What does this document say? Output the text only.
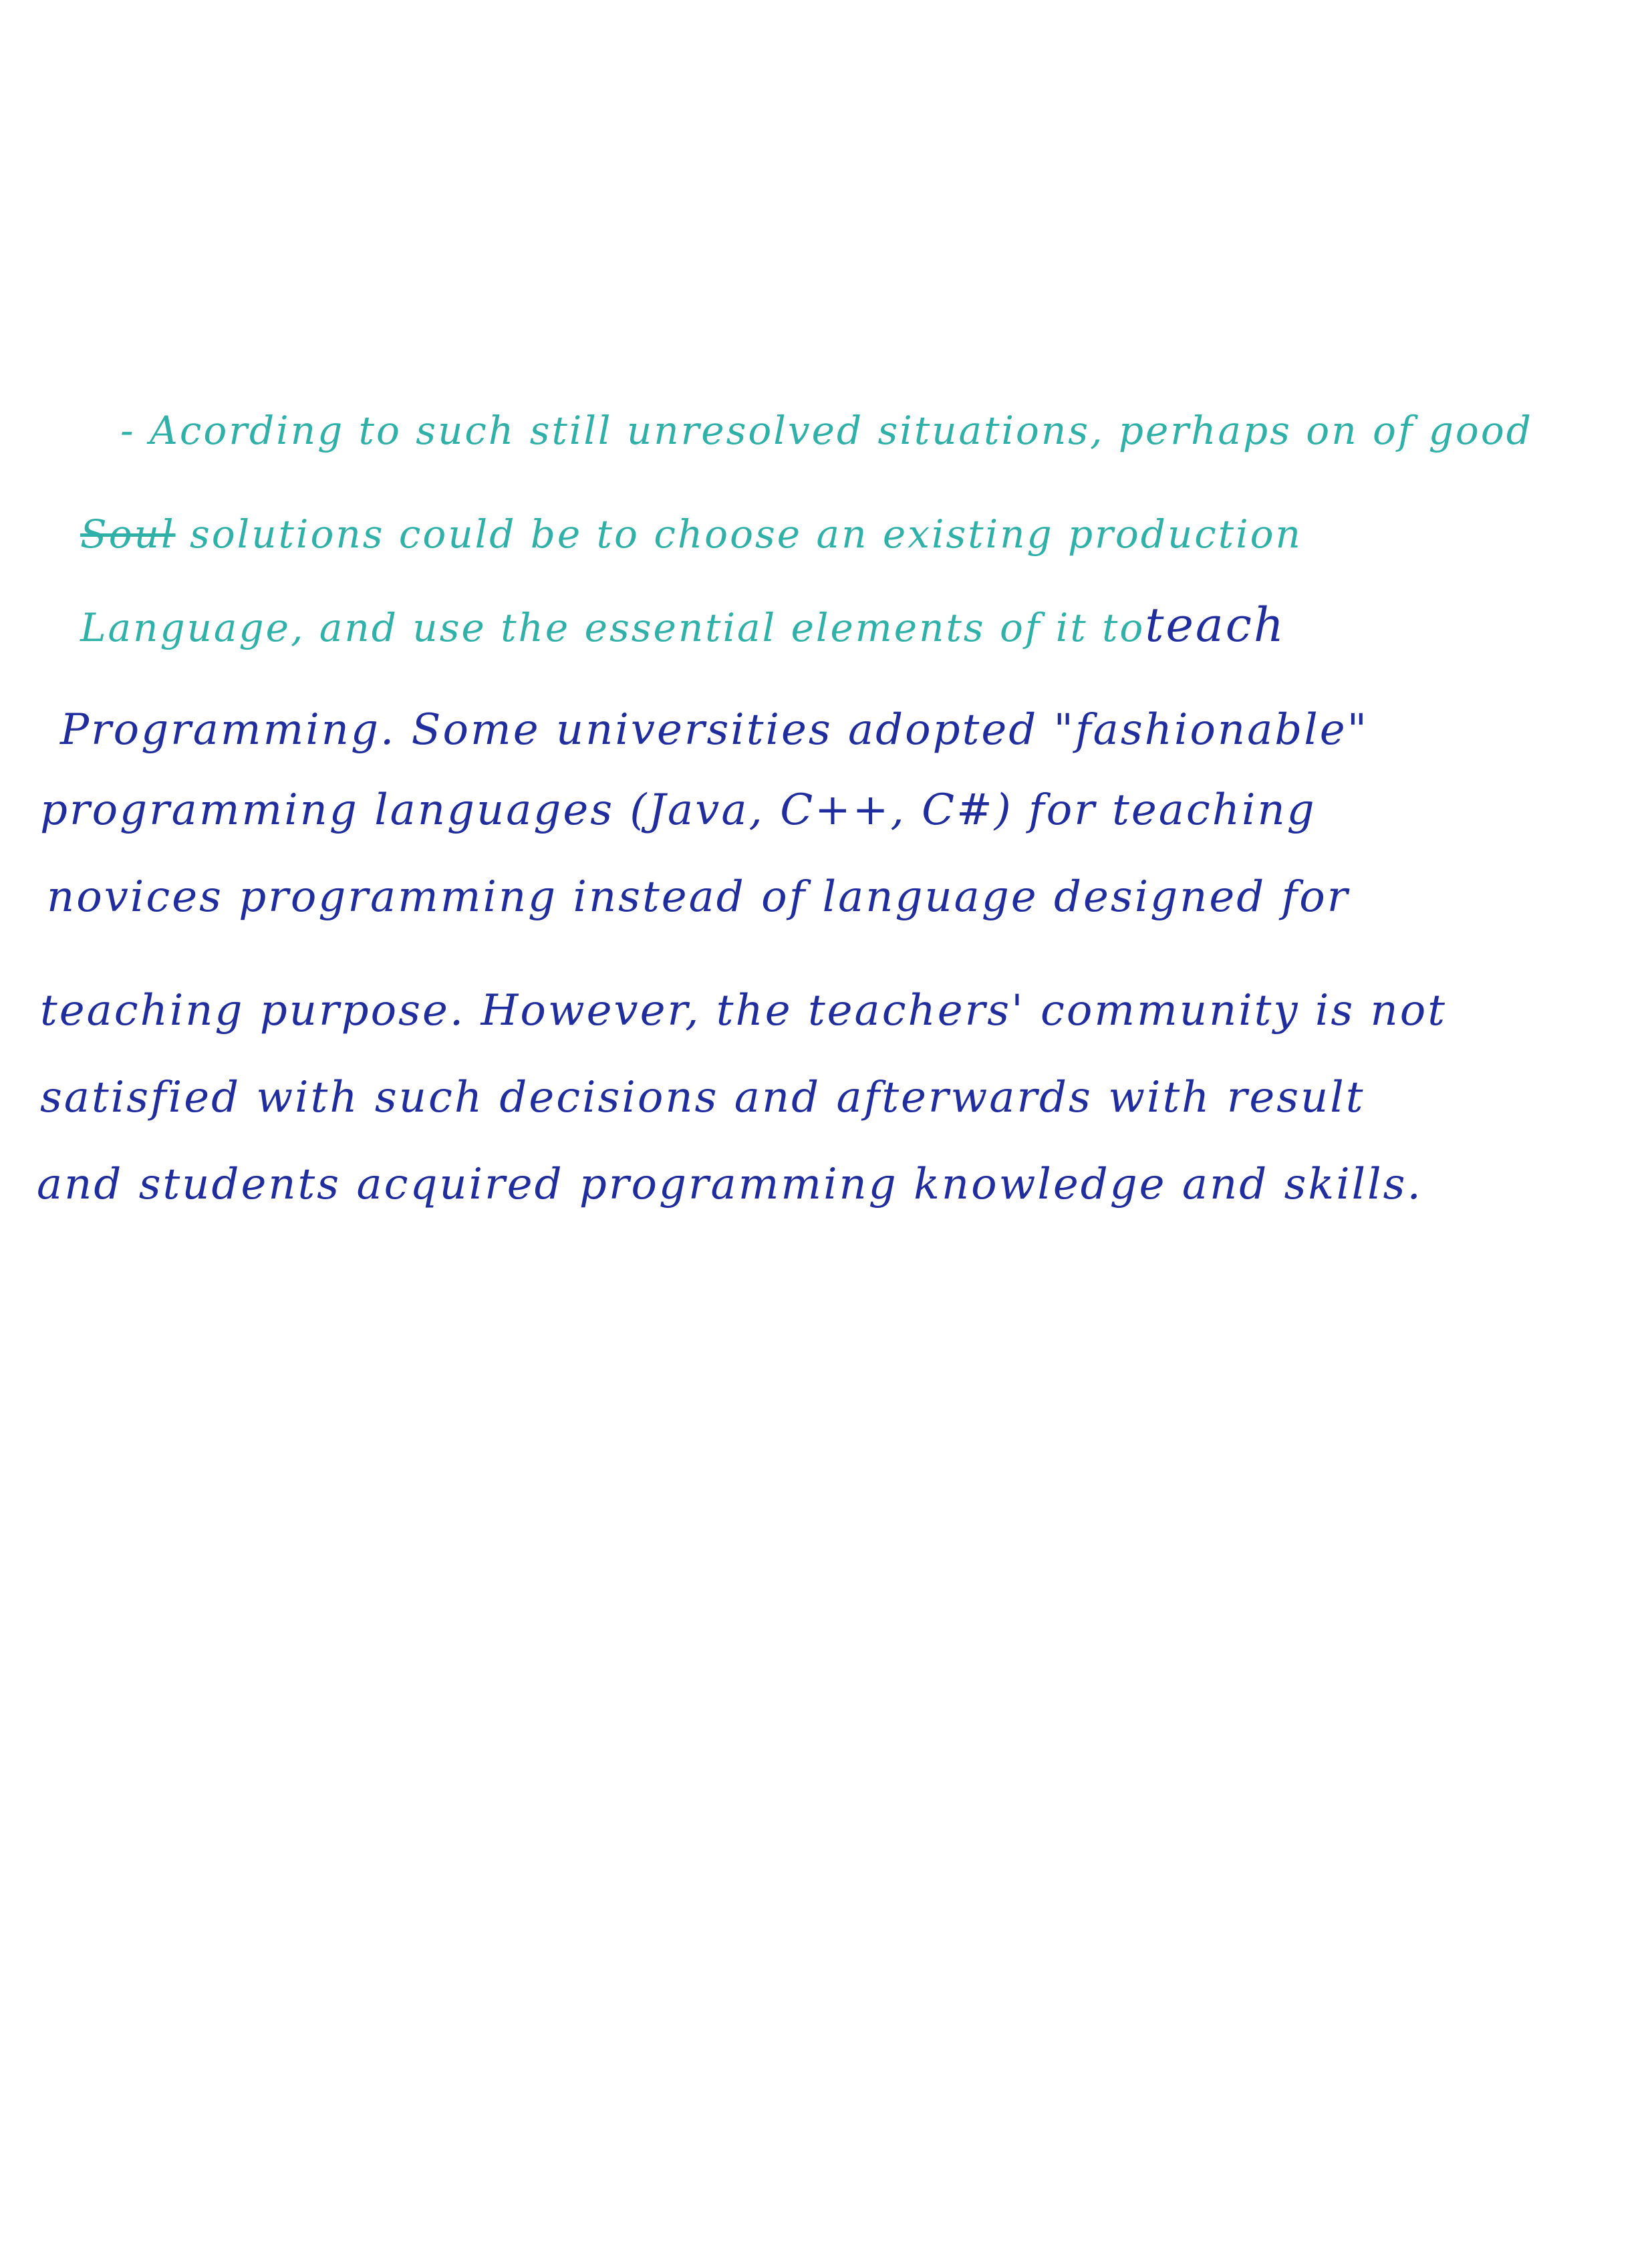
- Acording to such still unresolved situations, perhaps on of good
Soul solutions could be to choose an existing production
Language, and use the essential elements of it toteach
Programming. Some universities adopted "fashionable"
programming languages (Java, C++, C#) for teaching
novices programming instead of language designed for
teaching purpose. However, the teachers' community is not
satisfied with such decisions and afterwards with result
and students acquired programming knowledge and skills.
